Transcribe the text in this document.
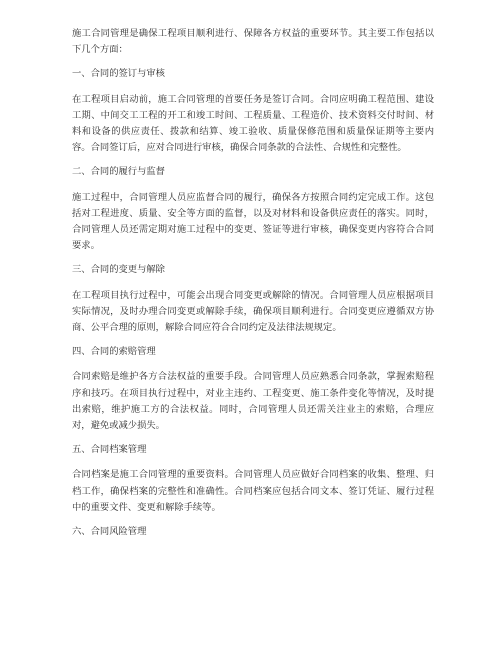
施工合同管理是确保工程项目顺利进行、保障各方权益的重要环节。其主要工作包括以下几个方面：

一、合同的签订与审核

在工程项目启动前，施工合同管理的首要任务是签订合同。合同应明确工程范围、建设工期、中间交工工程的开工和竣工时间、工程质量、工程造价、技术资料交付时间、材料和设备的供应责任、拨款和结算、竣工验收、质量保修范围和质量保证期等主要内容。合同签订后，应对合同进行审核，确保合同条款的合法性、合规性和完整性。

二、合同的履行与监督

施工过程中，合同管理人员应监督合同的履行，确保各方按照合同约定完成工作。这包括对工程进度、质量、安全等方面的监督，以及对材料和设备供应责任的落实。同时，合同管理人员还需定期对施工过程中的变更、签证等进行审核，确保变更内容符合合同要求。

三、合同的变更与解除

在工程项目执行过程中，可能会出现合同变更或解除的情况。合同管理人员应根据项目实际情况，及时办理合同变更或解除手续，确保项目顺利进行。合同变更应遵循双方协商、公平合理的原则，解除合同应符合合同约定及法律法规规定。

四、合同的索赔管理

合同索赔是维护各方合法权益的重要手段。合同管理人员应熟悉合同条款，掌握索赔程序和技巧。在项目执行过程中，对业主违约、工程变更、施工条件变化等情况，及时提出索赔，维护施工方的合法权益。同时，合同管理人员还需关注业主的索赔，合理应对，避免或减少损失。

五、合同档案管理

合同档案是施工合同管理的重要资料。合同管理人员应做好合同档案的收集、整理、归档工作，确保档案的完整性和准确性。合同档案应包括合同文本、签订凭证、履行过程中的重要文件、变更和解除手续等。

六、合同风险管理
